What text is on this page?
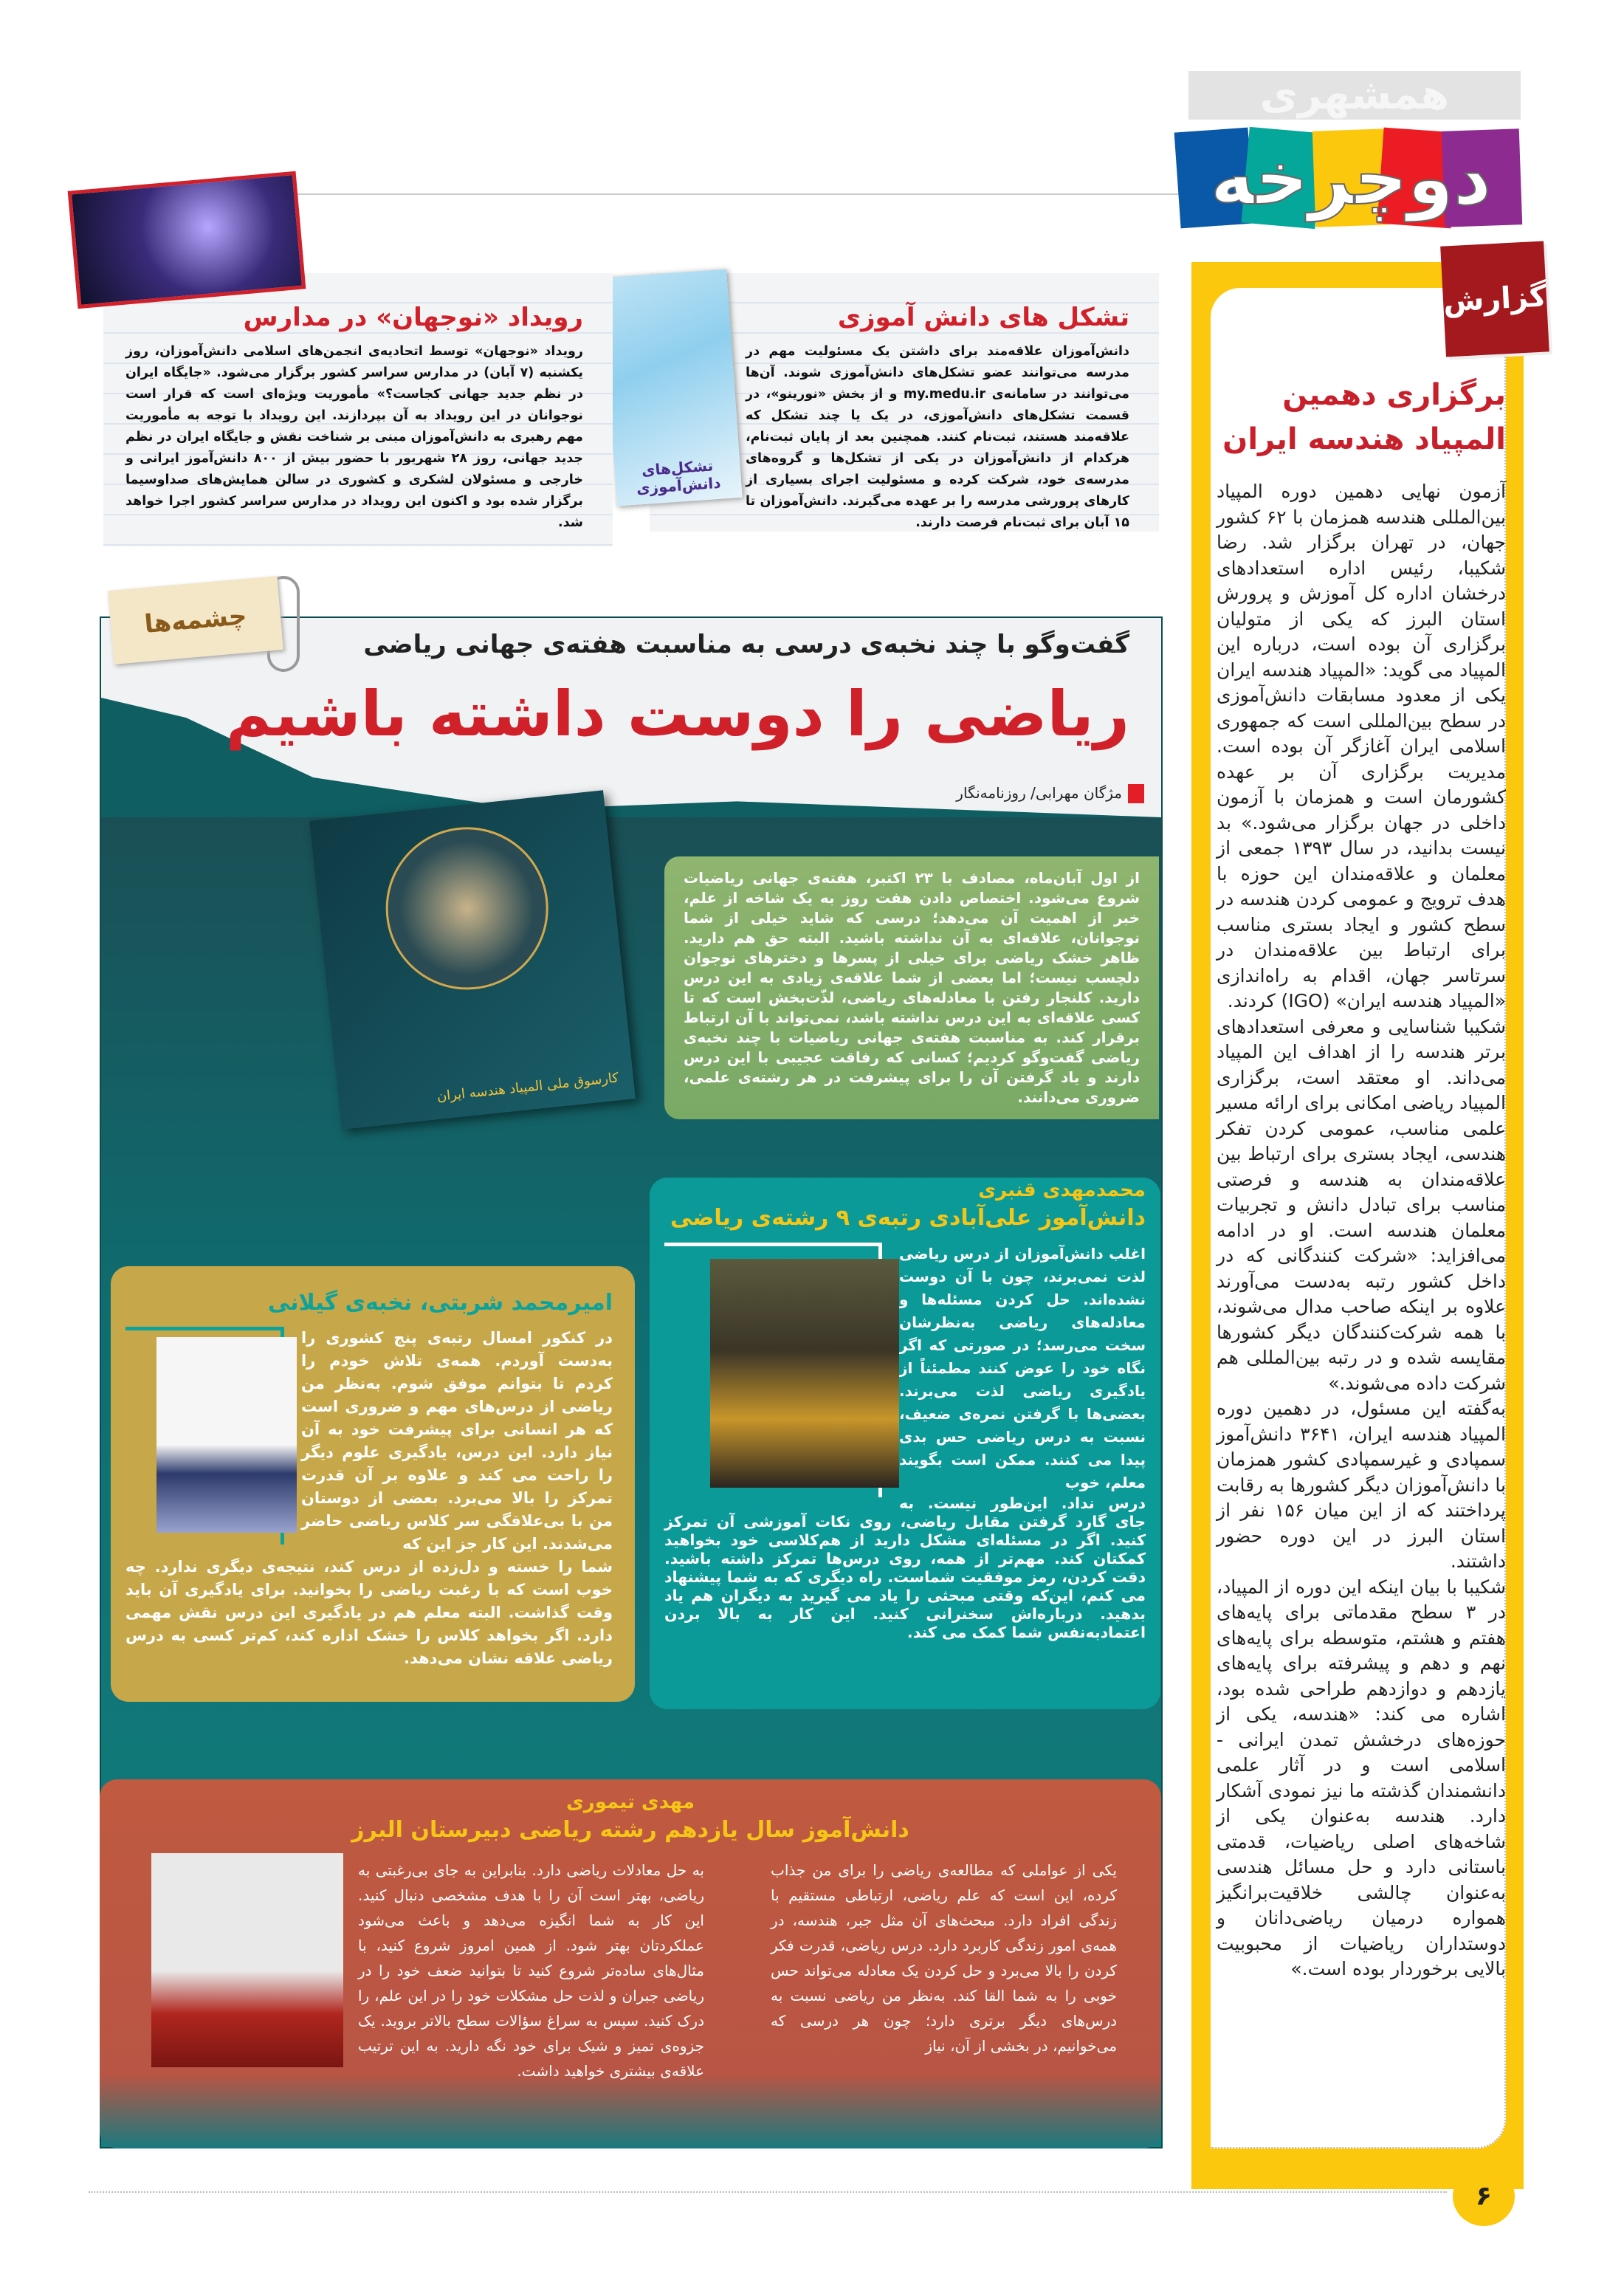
همشهری
دوچرخه
گزارش
برگزاری دهمین
المپیاد هندسه ایران

آزمون نهایی دهمین دوره المپیاد بین‌المللی هندسه همزمان با ۶۲ کشور جهان، در تهران برگزار شد. رضا شکیبا، رئیس اداره استعدادهای درخشان اداره کل آموزش و پرورش استان البرز که یکی از متولیان برگزاری آن بوده است، درباره این المپیاد می گوید: «المپیاد هندسه ایران یکی از معدود مسابقات دانش‌آموزی در سطح بین‌المللی است که جمهوری اسلامی ایران آغازگر آن بوده است. مدیریت برگزاری آن بر عهده کشورمان است و همزمان با آزمون داخلی در جهان برگزار می‌شود.» بد نیست بدانید، در سال ۱۳۹۳ جمعی از معلمان و علاقه‌مندان این حوزه با هدف ترویج و عمومی کردن هندسه در سطح کشور و ایجاد بستری مناسب برای ارتباط بین علاقه‌مندان در سرتاسر جهان، اقدام به راه‌اندازی «المپیاد هندسه ایران» (IGO) کردند.

شکیبا شناسایی و معرفی استعدادهای برتر هندسه را از اهداف این المپیاد می‌داند. او معتقد است، برگزاری المپیاد ریاضی امکانی برای ارائه مسیر علمی مناسب، عمومی کردن تفکر هندسی، ایجاد بستری برای ارتباط بین علاقه‌مندان به هندسه و فرصتی مناسب برای تبادل دانش و تجربیات معلمان هندسه است. او در ادامه می‌افزاید: «شرکت کنندگانی که در داخل کشور رتبه به‌دست می‌آورند علاوه بر اینکه صاحب مدال می‌شوند، با همه شرکت‌کنندگان دیگر کشورها مقایسه شده و در رتبه بین‌المللی هم شرکت داده می‌شوند.»

به‌گفته این مسئول، در دهمین دوره المپیاد هندسه ایران، ۳۶۴۱ دانش‌آموز سمپادی و غیرسمپادی کشور همزمان با دانش‌آموزان دیگر کشورها به رقابت پرداختند که از این میان ۱۵۶ نفر از استان البرز در این دوره حضور داشتند.

شکیبا با بیان اینکه این دوره از المپیاد، در ۳ سطح مقدماتی برای پایه‌های هفتم و هشتم، متوسطه برای پایه‌های نهم و دهم و پیشرفته برای پایه‌های یازدهم و دوازدهم طراحی شده بود، اشاره می کند: «هندسه، یکی از حوزه‌های درخشش تمدن ایرانی - اسلامی است و در آثار علمی دانشمندان گذشته ما نیز نمودی آشکار دارد. هندسه به‌عنوان یکی از شاخه‌های اصلی ریاضیات، قدمتی باستانی دارد و حل مسائل هندسی به‌عنوان چالشی خلاقیت‌برانگیز همواره درمیان ریاضی‌دانان و دوستداران ریاضیات از محبوبیت بالایی برخوردار بوده است.»

۶
تشکل های دانش آموزی
دانش‌آموزان علاقه‌مند برای داشتن یک مسئولیت مهم در مدرسه می‌توانند عضو تشکل‌های دانش‌آموزی شوند. آن‌ها می‌توانند در سامانه‌ی my.medu.ir و از بخش «نورینو»، در قسمت تشکل‌های دانش‌آموزی، در یک یا چند تشکل که علاقه‌مند هستند، ثبت‌نام کنند. همچنین بعد از پایان ثبت‌نام، هرکدام از دانش‌آموزان در یکی از تشکل‌ها و گروه‌های مدرسه‌ی خود، شرکت کرده و مسئولیت اجرای بسیاری از کارهای پرورشی مدرسه را بر عهده می‌گیرند. دانش‌آموزان تا ۱۵ آبان برای ثبت‌نام فرصت دارند.
تشکل‌های دانش‌آموزی
رویداد «نوجهان» در مدارس
رویداد «نوجهان» توسط اتحادیه‌ی انجمن‌های اسلامی دانش‌آموزان، روز یکشنبه (۷ آبان) در مدارس سراسر کشور برگزار می‌شود. «جایگاه ایران در نظم جدید جهانی کجاست؟» مأموریت ویژه‌ای است که قرار است نوجوانان در این رویداد به آن بپردازند. این رویداد با توجه به مأموریت مهم رهبری به دانش‌آموزان مبنی بر شناخت نقش و جایگاه ایران در نظم جدید جهانی، روز ۲۸ شهریور با حضور بیش از ۸۰۰ دانش‌آموز ایرانی و خارجی و مسئولان لشکری و کشوری در سالن همایش‌های صداوسیما برگزار شده بود و اکنون این رویداد در مدارس سراسر کشور اجرا خواهد شد.
چشمه‌ها
گفت‌وگو با چند نخبه‌ی درسی به مناسبت هفته‌ی جهانی ریاضی
ریاضی را دوست داشته باشیم
مژگان مهرابی/ روزنامه‌نگار
کارسوق ملی المپیاد هندسه ایران
از اول آبان‌ماه، مصادف با ۲۳ اکتبر، هفته‌ی جهانی ریاضیات شروع می‌شود. اختصاص دادن هفت روز به یک شاخه از علم، خبر از اهمیت آن می‌دهد؛ درسی که شاید خیلی از شما نوجوانان، علاقه‌ای به آن نداشته باشید. البته حق هم دارید. ظاهر خشک ریاضی برای خیلی از پسرها و دخترهای نوجوان دلچسب نیست؛ اما بعضی از شما علاقه‌ی زیادی به این درس دارید. کلنجار رفتن با معادله‌های ریاضی، لذّت‌بخش است که تا کسی علاقه‌ای به این درس نداشته باشد، نمی‌تواند با آن ارتباط برقرار کند. به مناسبت هفته‌ی جهانی ریاضیات با چند نخبه‌ی ریاضی گفت‌وگو کردیم؛ کسانی که رفاقت عجیبی با این درس دارند و یاد گرفتن آن را برای پیشرفت در هر رشته‌ی علمی، ضروری می‌دانند.
محمدمهدی قنبری
دانش‌آموز علی‌آبادی رتبه‌ی ۹ رشته‌ی ریاضی

اغلب دانش‌آموزان از درس ریاضی لذت نمی‌برند، چون با آن دوست نشده‌اند. حل کردن مسئله‌ها و معادله‌های ریاضی به‌نظرشان سخت می‌رسد؛ در صورتی که اگر نگاه خود را عوض کنند مطمئناً از یادگیری ریاضی لذت می‌برند. بعضی‌ها با گرفتن نمره‌ی ضعیف، نسبت به درس ریاضی حس بدی پیدا می کنند. ممکن است بگویند معلم، خوب

درس نداد. این‌طور نیست. به جای گارد گرفتن مقابل ریاضی، روی نکات آموزشی آن تمرکز کنید. اگر در مسئله‌ای مشکل دارید از هم‌کلاسی خود بخواهید کمکتان کند. مهم‌تر از همه، روی درس‌ها تمرکز داشته باشید. دقت کردن، رمز موفقیت شماست. راه دیگری که به شما پیشنهاد می کنم، این‌که وقتی مبحثی را یاد می گیرید به دیگران هم یاد بدهید. درباره‌اش سخنرانی کنید. این کار به بالا بردن اعتمادبه‌نفس شما کمک می کند.

امیرمحمد شربتی، نخبه‌ی گیلانی

در کنکور امسال رتبه‌ی پنج کشوری را به‌دست آوردم. همه‌ی تلاش خودم را کردم تا بتوانم موفق شوم. به‌نظر من ریاضی از درس‌های مهم و ضروری است که هر انسانی برای پیشرفت خود به آن نیاز دارد. این درس، یادگیری علوم دیگر را راحت می کند و علاوه بر آن قدرت تمرکز را بالا می‌برد. بعضی از دوستان من با بی‌علاقگی سر کلاس ریاضی حاضر می‌شدند. این کار جز این که

شما را خسته و دل‌زده از درس کند، نتیجه‌ی دیگری ندارد. چه خوب است که با رغبت ریاضی را بخوانید. برای یادگیری آن باید وقت گذاشت. البته معلم هم در یادگیری این درس نقش مهمی دارد. اگر بخواهد کلاس را خشک اداره کند، کم‌تر کسی به درس ریاضی علاقه نشان می‌دهد.

مهدی تیموری
دانش‌آموز سال یازدهم رشته ریاضی دبیرستان البرز

یکی از عواملی که مطالعه‌ی ریاضی را برای من جذاب کرده، این است که علم ریاضی، ارتباطی مستقیم با زندگی افراد دارد. مبحث‌های آن مثل جبر، هندسه، در همه‌ی امور زندگی کاربرد دارد. درس ریاضی، قدرت فکر کردن را بالا می‌برد و حل کردن یک معادله می‌تواند حس خوبی را به شما القا کند. به‌نظر من ریاضی نسبت به درس‌های دیگر برتری دارد؛ چون هر درسی که می‌خوانیم، در بخشی از آن، نیاز

به حل معادلات ریاضی دارد. بنابراین به جای بی‌رغبتی به ریاضی، بهتر است آن را با هدف مشخصی دنبال کنید. این کار به شما انگیزه می‌دهد و باعث می‌شود عملکردتان بهتر شود. از همین امروز شروع کنید، با مثال‌های ساده‌تر شروع کنید تا بتوانید ضعف خود را در ریاضی جبران و لذت حل مشکلات خود را در این علم، را درک کنید. سپس به سراغ سؤالات سطح بالاتر بروید. یک جزوه‌ی تمیز و شیک برای خود نگه دارید. به این ترتیب علاقه‌ی بیشتری خواهید داشت.
